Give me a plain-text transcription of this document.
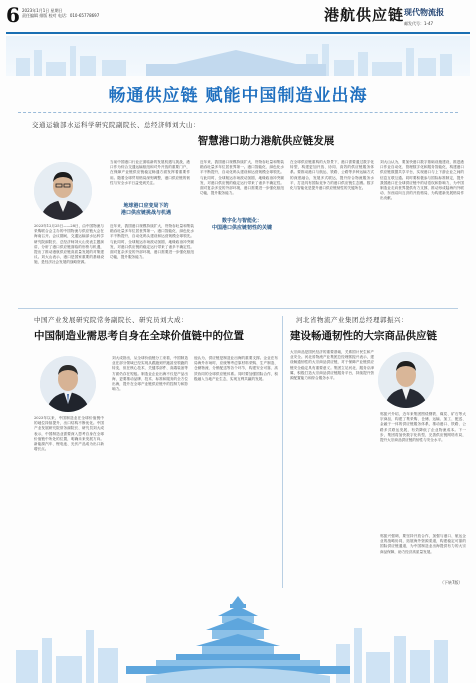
6 2023年1月1日 星期日
责任编辑 排版 校对 电话：010-65778697	港航供应链 现代物流报
邮发代号：1-47
畅通供应链 赋能中国制造业出海
交通运输部水运科学研究院副院长、总经济师刘大山：
智慧港口助力港航供应链发展
地球港口应变局下的
港口供应链挑战与机遇
2023年12月25日——28日，由中国物流与采购联合会主办的中国物流与供应链大会在海南召开。会议期间，交通运输部水运科学研究院副院长、总经济师刘大山发表主题演讲，分析了港口供应链面临的形势与机遇，提出了推动港航供应链高质量发展的对策建议。刘大山表示，港口是国家重要的基础设施，是经济社会发展的战略资源。
当前中国港口行业正面临新的发展机遇与挑战，港口作为综合交通运输枢纽和对外开放的重要门户，在保障产业链供应链稳定畅通方面发挥着重要作用。随着全球贸易格局深刻调整，港口供应链的韧性与安全水平日益受到关注。
近年来，我国港口规模持续扩大，货物吞吐量和集装箱吞吐量多年位居世界第一。港口智能化、绿色化水平不断提升，自动化码头建设和运营规模全球领先。与此同时，全球航运市场波动加剧，地缘政治冲突频发，对港口供应链的稳定运行带来了诸多不确定性。面对复杂多变的外部环境，港口需要进一步强化枢纽功能，提升服务能力。
近年来，我国港口规模持续扩大，货物吞吐量和集装箱吞吐量多年位居世界第一。港口智能化、绿色化水平不断提升，自动化码头建设和运营规模全球领先。与此同时，全球航运市场波动加剧，地缘政治冲突频发，对港口供应链的稳定运行带来了诸多不确定性。面对复杂多变的外部环境，港口需要进一步强化枢纽功能，提升服务能力。
数字化与智能化：
中国港口供应链韧性的关键
在全球供应链重构的大背景下，港口需要通过数字化转型，构建更加开放、协同、高效的供应链服务体系。要推动港口与航运、铁路、公路等多种运输方式的深度融合，发展多式联运，提升综合物流服务水平，打造具有国际竞争力的港口供应链生态圈。数字化与智能化是提升港口供应链韧性的关键所在。
刘大山认为，要加快港口数字基础设施建设，推进港口作业自动化、管理数字化和服务智能化，构建港口供应链数据共享平台，实现港口与上下游企业之间的信息互联互通。同时要积极参与国际标准制定，提升我国港口在全球供应链中的话语权和影响力，为中国制造业走向世界提供有力支撑，推动形成陆海内外联动、东西双向互济的开放格局，为构建新发展格局作出贡献。
中国产业发展研究院常务副院长、研究员刘大成：
中国制造业需思考自身在全球价值链中的位置
2023年以来，中国制造业在全球价值链中的地位持续提升，出口结构不断优化。中国产业发展研究院常务副院长、研究员刘大成表示，中国制造业需要深入思考自身在全球价值链中所处的位置，明确未来发展方向。新能源汽车、锂电池、光伏产品成为出口新增长点。
刘大成指出，从全球价值链分工来看，中国制造业在部分领域已经实现从跟跑到并跑甚至领跑的转变，但在核心技术、关键零部件、高端装备等方面仍存在短板。制造业企业出海不仅是产品出海，更要推动品牌、技术、标准和服务的全方位出海，提升在全球产业链供应链中的控制力和影响力。
他认为，供应链是制造业出海的重要支撑。企业在布局海外市场时，应统筹考虑原材料采购、生产制造、仓储物流、分销配送等各个环节，构建安全可靠、高效协同的全球供应链体系。同时要加强国际合作，积极融入当地产业生态，实现互利共赢的发展。
河北省物流产业集团总经理郭振兴：
建设畅通韧性的大宗商品供应链
大宗商品是国民经济的重要基础，关系国计民生和产业安全。河北省物流产业集团总经理郭振兴表示，建设畅通韧性的大宗商品供应链，对于保障产业链供应链安全稳定具有重要意义。集团立足河北、服务京津冀，积极打造大宗商品供应链服务平台，持续提升资源配置能力和综合服务水平。
郭振兴介绍，近年来集团围绕钢铁、煤炭、矿石等大宗商品，构建了集采购、仓储、运输、加工、配送、金融于一体的供应链服务体系，推动港口、铁路、公路多式联运发展，有效降低了企业物流成本。下一步，集团将加快数字化转型，完善供应链网络布局，提升大宗商品供应链的韧性与安全水平。
郭振兴强调，要坚持开放合作，加强与港口、航运企业的战略协同，拓展海外资源渠道，构建稳定可靠的国际供应链通道，为中国制造业出海提供有力的大宗商品保障，助力经济高质量发展。
（下转7版）
